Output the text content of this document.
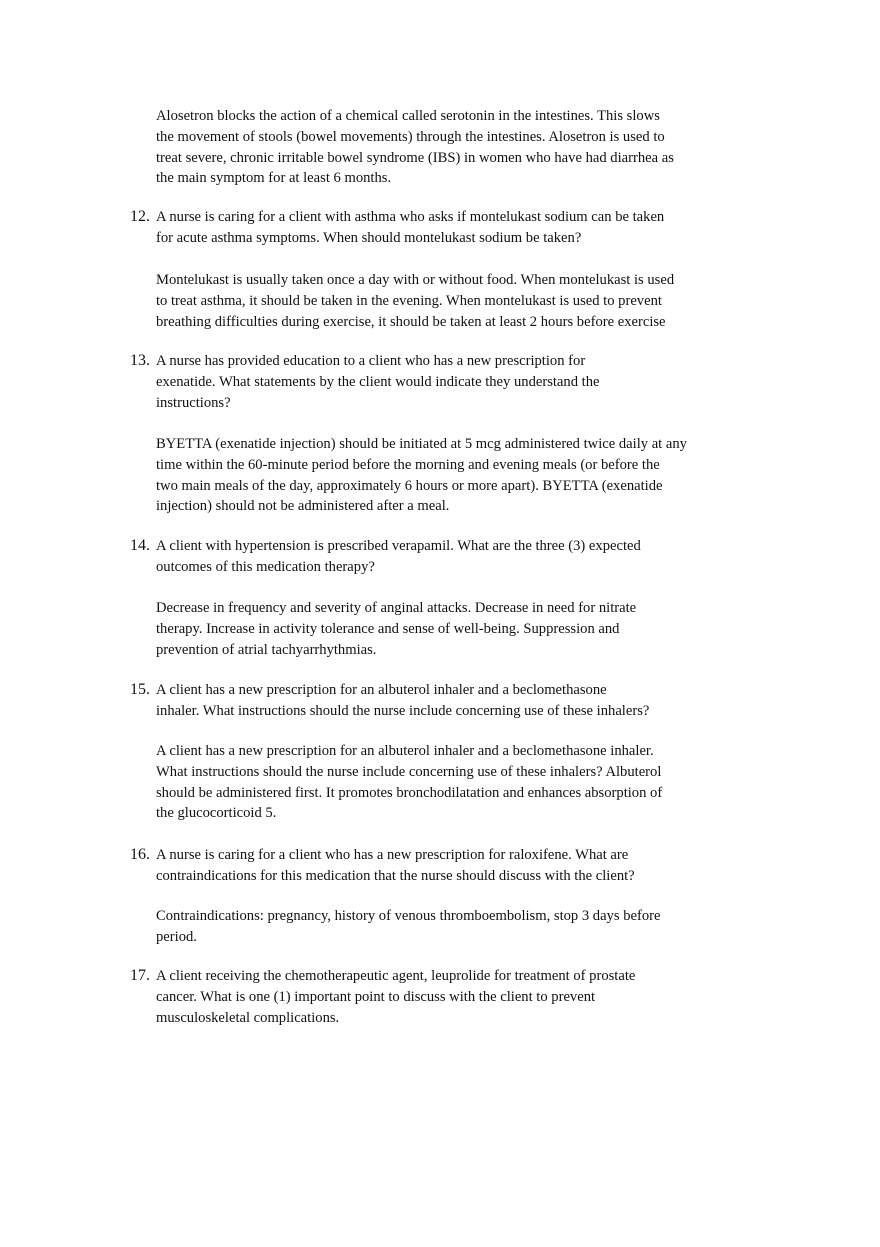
Alosetron blocks the action of a chemical called serotonin in the intestines. This slows
the movement of stools (bowel movements) through the intestines. Alosetron is used to
treat severe, chronic irritable bowel syndrome (IBS) in women who have had diarrhea as
the main symptom for at least 6 months.
12. A nurse is caring for a client with asthma who asks if montelukast sodium can be taken
for acute asthma symptoms. When should montelukast sodium be taken?
Montelukast is usually taken once a day with or without food. When montelukast is used
to treat asthma, it should be taken in the evening. When montelukast is used to prevent
breathing difficulties during exercise, it should be taken at least 2 hours before exercise
13. A nurse has provided education to a client who has a new prescription for
exenatide. What statements by the client would indicate they understand the
instructions?
BYETTA (exenatide injection) should be initiated at 5 mcg administered twice daily at any
time within the 60-minute period before the morning and evening meals (or before the
two main meals of the day, approximately 6 hours or more apart). BYETTA (exenatide
injection) should not be administered after a meal.
14. A client with hypertension is prescribed verapamil. What are the three (3) expected
outcomes of this medication therapy?
Decrease in frequency and severity of anginal attacks. Decrease in need for nitrate
therapy. Increase in activity tolerance and sense of well-being. Suppression and
prevention of atrial tachyarrhythmias.
15. A client has a new prescription for an albuterol inhaler and a beclomethasone
inhaler. What instructions should the nurse include concerning use of these inhalers?
A client has a new prescription for an albuterol inhaler and a beclomethasone inhaler.
What instructions should the nurse include concerning use of these inhalers? Albuterol
should be administered first. It promotes bronchodilatation and enhances absorption of
the glucocorticoid 5.
16. A nurse is caring for a client who has a new prescription for raloxifene. What are
contraindications for this medication that the nurse should discuss with the client?
Contraindications: pregnancy, history of venous thromboembolism, stop 3 days before
period.
17. A client receiving the chemotherapeutic agent, leuprolide for treatment of prostate
cancer. What is one (1) important point to discuss with the client to prevent
musculoskeletal complications.
